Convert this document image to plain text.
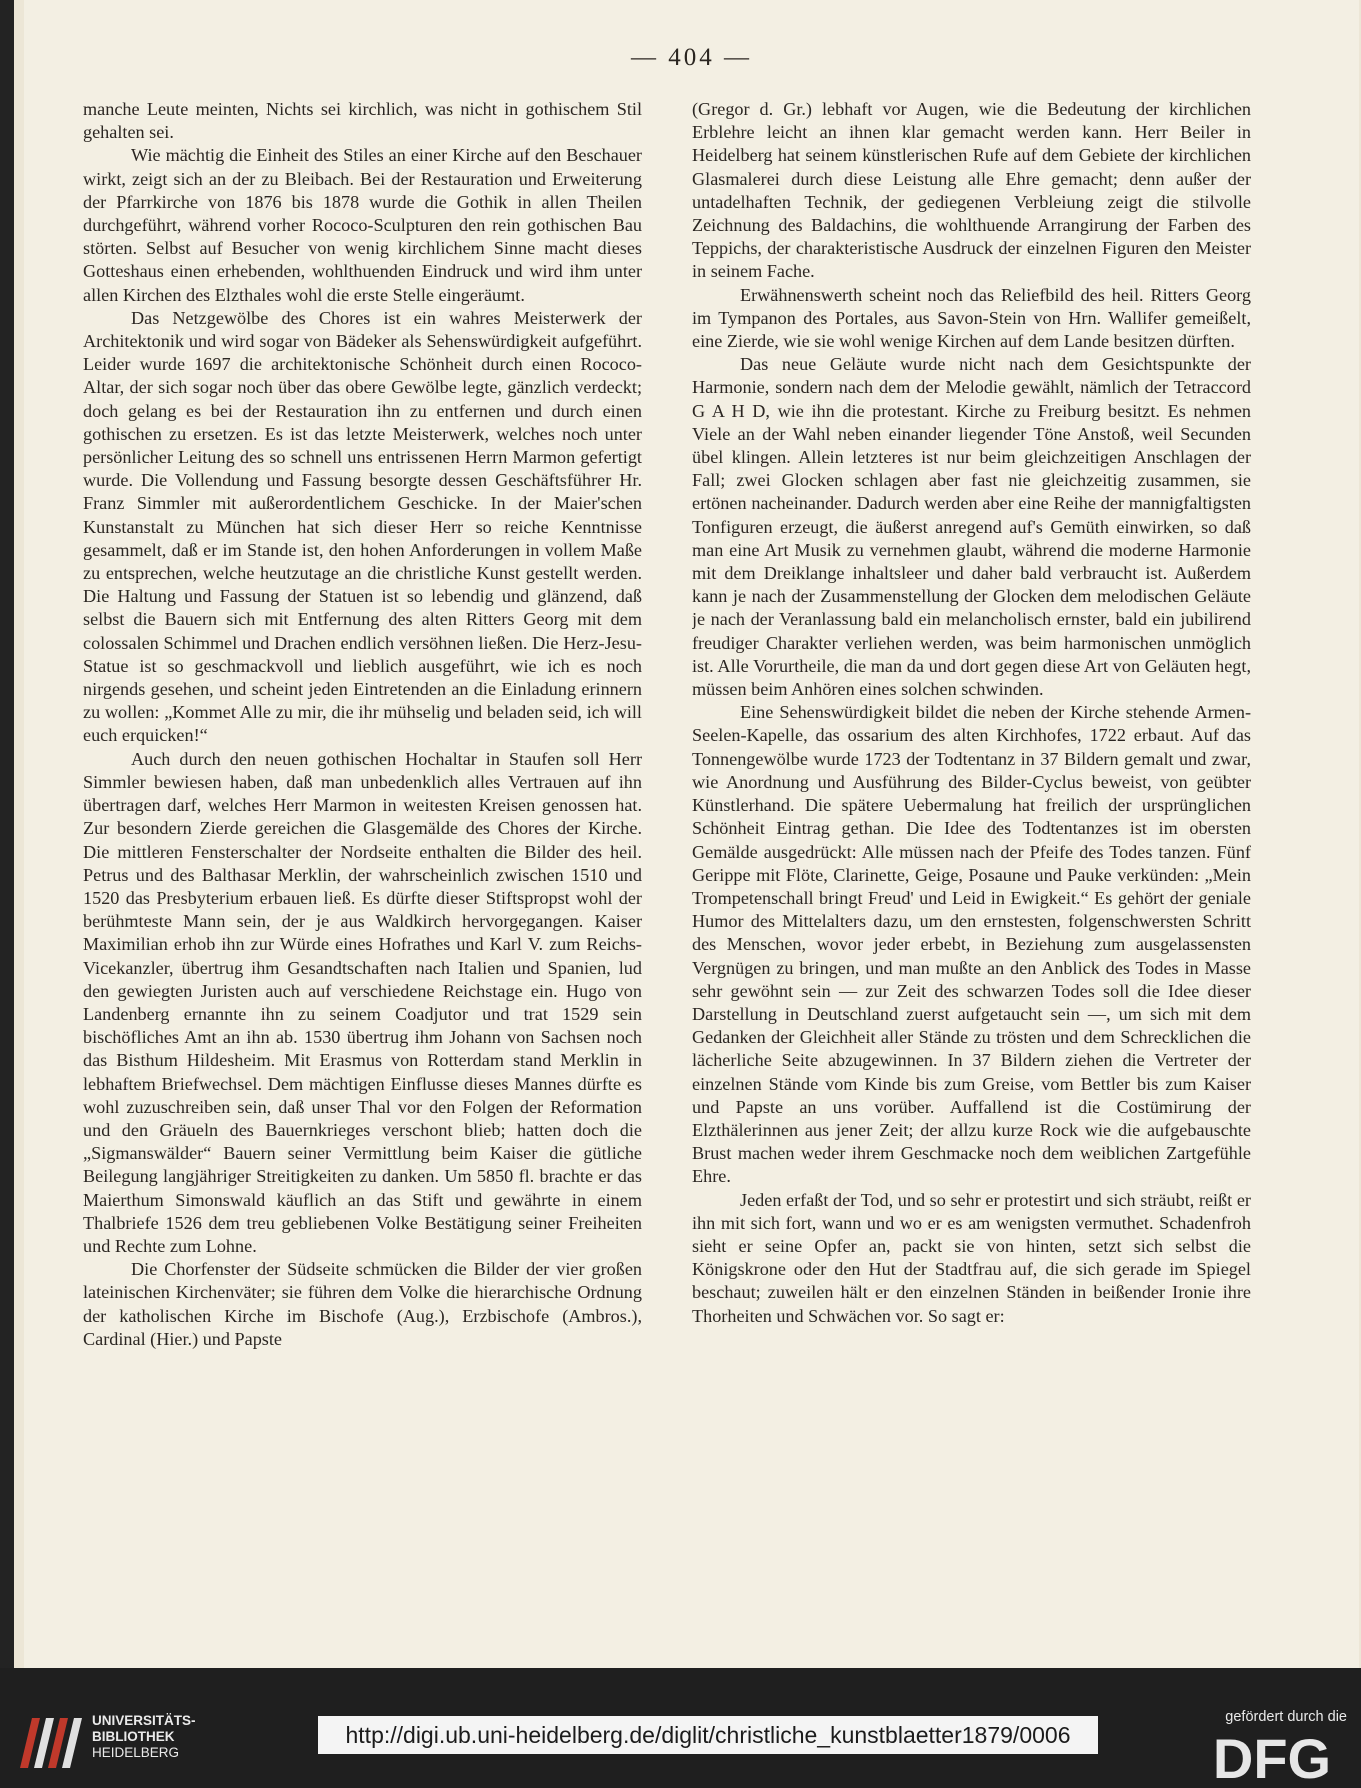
— 404 —

manche Leute meinten, Nichts sei kirchlich, was nicht in gothischem Stil gehalten sei.

Wie mächtig die Einheit des Stiles an einer Kirche auf den Beschauer wirkt, zeigt sich an der zu Bleibach. Bei der Restauration und Erweiterung der Pfarrkirche von 1876 bis 1878 wurde die Gothik in allen Theilen durchgeführt, während vorher Rococo-Sculpturen den rein gothischen Bau störten. Selbst auf Besucher von wenig kirchlichem Sinne macht dieses Gotteshaus einen erhebenden, wohlthuenden Eindruck und wird ihm unter allen Kirchen des Elzthales wohl die erste Stelle eingeräumt.

Das Netzgewölbe des Chores ist ein wahres Meisterwerk der Architektonik und wird sogar von Bädeker als Sehenswürdigkeit aufgeführt. Leider wurde 1697 die architektonische Schönheit durch einen Rococo-Altar, der sich sogar noch über das obere Gewölbe legte, gänzlich verdeckt; doch gelang es bei der Restauration ihn zu entfernen und durch einen gothischen zu ersetzen. Es ist das letzte Meisterwerk, welches noch unter persönlicher Leitung des so schnell uns entrissenen Herrn Marmon gefertigt wurde. Die Vollendung und Fassung besorgte dessen Geschäftsführer Hr. Franz Simmler mit außerordentlichem Geschicke. In der Maier'schen Kunstanstalt zu München hat sich dieser Herr so reiche Kenntnisse gesammelt, daß er im Stande ist, den hohen Anforderungen in vollem Maße zu entsprechen, welche heutzutage an die christliche Kunst gestellt werden. Die Haltung und Fassung der Statuen ist so lebendig und glänzend, daß selbst die Bauern sich mit Entfernung des alten Ritters Georg mit dem colossalen Schimmel und Drachen endlich versöhnen ließen. Die Herz-Jesu-Statue ist so geschmackvoll und lieblich ausgeführt, wie ich es noch nirgends gesehen, und scheint jeden Eintretenden an die Einladung erinnern zu wollen: „Kommet Alle zu mir, die ihr mühselig und beladen seid, ich will euch erquicken!“

Auch durch den neuen gothischen Hochaltar in Staufen soll Herr Simmler bewiesen haben, daß man unbedenklich alles Vertrauen auf ihn übertragen darf, welches Herr Marmon in weitesten Kreisen genossen hat. Zur besondern Zierde gereichen die Glasgemälde des Chores der Kirche. Die mittleren Fensterschalter der Nordseite enthalten die Bilder des heil. Petrus und des Balthasar Merklin, der wahrscheinlich zwischen 1510 und 1520 das Presbyterium erbauen ließ. Es dürfte dieser Stiftspropst wohl der berühmteste Mann sein, der je aus Waldkirch hervorgegangen. Kaiser Maximilian erhob ihn zur Würde eines Hofrathes und Karl V. zum Reichs-Vicekanzler, übertrug ihm Gesandtschaften nach Italien und Spanien, lud den gewiegten Juristen auch auf verschiedene Reichstage ein. Hugo von Landenberg ernannte ihn zu seinem Coadjutor und trat 1529 sein bischöfliches Amt an ihn ab. 1530 übertrug ihm Johann von Sachsen noch das Bisthum Hildesheim. Mit Erasmus von Rotterdam stand Merklin in lebhaftem Briefwechsel. Dem mächtigen Einflusse dieses Mannes dürfte es wohl zuzuschreiben sein, daß unser Thal vor den Folgen der Reformation und den Gräueln des Bauernkrieges verschont blieb; hatten doch die „Sigmanswälder“ Bauern seiner Vermittlung beim Kaiser die gütliche Beilegung langjähriger Streitigkeiten zu danken. Um 5850 fl. brachte er das Maierthum Simonswald käuflich an das Stift und gewährte in einem Thalbriefe 1526 dem treu gebliebenen Volke Bestätigung seiner Freiheiten und Rechte zum Lohne.

Die Chorfenster der Südseite schmücken die Bilder der vier großen lateinischen Kirchenväter; sie führen dem Volke die hierarchische Ordnung der katholischen Kirche im Bischofe (Aug.), Erzbischofe (Ambros.), Cardinal (Hier.) und Papste

(Gregor d. Gr.) lebhaft vor Augen, wie die Bedeutung der kirchlichen Erblehre leicht an ihnen klar gemacht werden kann. Herr Beiler in Heidelberg hat seinem künstlerischen Rufe auf dem Gebiete der kirchlichen Glasmalerei durch diese Leistung alle Ehre gemacht; denn außer der untadelhaften Technik, der gediegenen Verbleiung zeigt die stilvolle Zeichnung des Baldachins, die wohlthuende Arrangirung der Farben des Teppichs, der charakteristische Ausdruck der einzelnen Figuren den Meister in seinem Fache.

Erwähnenswerth scheint noch das Reliefbild des heil. Ritters Georg im Tympanon des Portales, aus Savon-Stein von Hrn. Wallifer gemeißelt, eine Zierde, wie sie wohl wenige Kirchen auf dem Lande besitzen dürften.

Das neue Geläute wurde nicht nach dem Gesichtspunkte der Harmonie, sondern nach dem der Melodie gewählt, nämlich der Tetraccord G A H D, wie ihn die protestant. Kirche zu Freiburg besitzt. Es nehmen Viele an der Wahl neben einander liegender Töne Anstoß, weil Secunden übel klingen. Allein letzteres ist nur beim gleichzeitigen Anschlagen der Fall; zwei Glocken schlagen aber fast nie gleichzeitig zusammen, sie ertönen nacheinander. Dadurch werden aber eine Reihe der mannigfaltigsten Tonfiguren erzeugt, die äußerst anregend auf's Gemüth einwirken, so daß man eine Art Musik zu vernehmen glaubt, während die moderne Harmonie mit dem Dreiklange inhaltsleer und daher bald verbraucht ist. Außerdem kann je nach der Zusammenstellung der Glocken dem melodischen Geläute je nach der Veranlassung bald ein melancholisch ernster, bald ein jubilirend freudiger Charakter verliehen werden, was beim harmonischen unmöglich ist. Alle Vorurtheile, die man da und dort gegen diese Art von Geläuten hegt, müssen beim Anhören eines solchen schwinden.

Eine Sehenswürdigkeit bildet die neben der Kirche stehende Armen-Seelen-Kapelle, das ossarium des alten Kirchhofes, 1722 erbaut. Auf das Tonnengewölbe wurde 1723 der Todtentanz in 37 Bildern gemalt und zwar, wie Anordnung und Ausführung des Bilder-Cyclus beweist, von geübter Künstlerhand. Die spätere Uebermalung hat freilich der ursprünglichen Schönheit Eintrag gethan. Die Idee des Todtentanzes ist im obersten Gemälde ausgedrückt: Alle müssen nach der Pfeife des Todes tanzen. Fünf Gerippe mit Flöte, Clarinette, Geige, Posaune und Pauke verkünden: „Mein Trompetenschall bringt Freud' und Leid in Ewigkeit.“ Es gehört der geniale Humor des Mittelalters dazu, um den ernstesten, folgenschwersten Schritt des Menschen, wovor jeder erbebt, in Beziehung zum ausgelassensten Vergnügen zu bringen, und man mußte an den Anblick des Todes in Masse sehr gewöhnt sein — zur Zeit des schwarzen Todes soll die Idee dieser Darstellung in Deutschland zuerst aufgetaucht sein —, um sich mit dem Gedanken der Gleichheit aller Stände zu trösten und dem Schrecklichen die lächerliche Seite abzugewinnen. In 37 Bildern ziehen die Vertreter der einzelnen Stände vom Kinde bis zum Greise, vom Bettler bis zum Kaiser und Papste an uns vorüber. Auffallend ist die Costümirung der Elzthälerinnen aus jener Zeit; der allzu kurze Rock wie die aufgebauschte Brust machen weder ihrem Geschmacke noch dem weiblichen Zartgefühle Ehre.

Jeden erfaßt der Tod, und so sehr er protestirt und sich sträubt, reißt er ihn mit sich fort, wann und wo er es am wenigsten vermuthet. Schadenfroh sieht er seine Opfer an, packt sie von hinten, setzt sich selbst die Königskrone oder den Hut der Stadtfrau auf, die sich gerade im Spiegel beschaut; zuweilen hält er den einzelnen Ständen in beißender Ironie ihre Thorheiten und Schwächen vor. So sagt er:

UNIVERSITÄTS-
BIBLIOTHEK
HEIDELBERG
http://digi.ub.uni-heidelberg.de/diglit/christliche_kunstblaetter1879/0006
gefördert durch die
DFG
